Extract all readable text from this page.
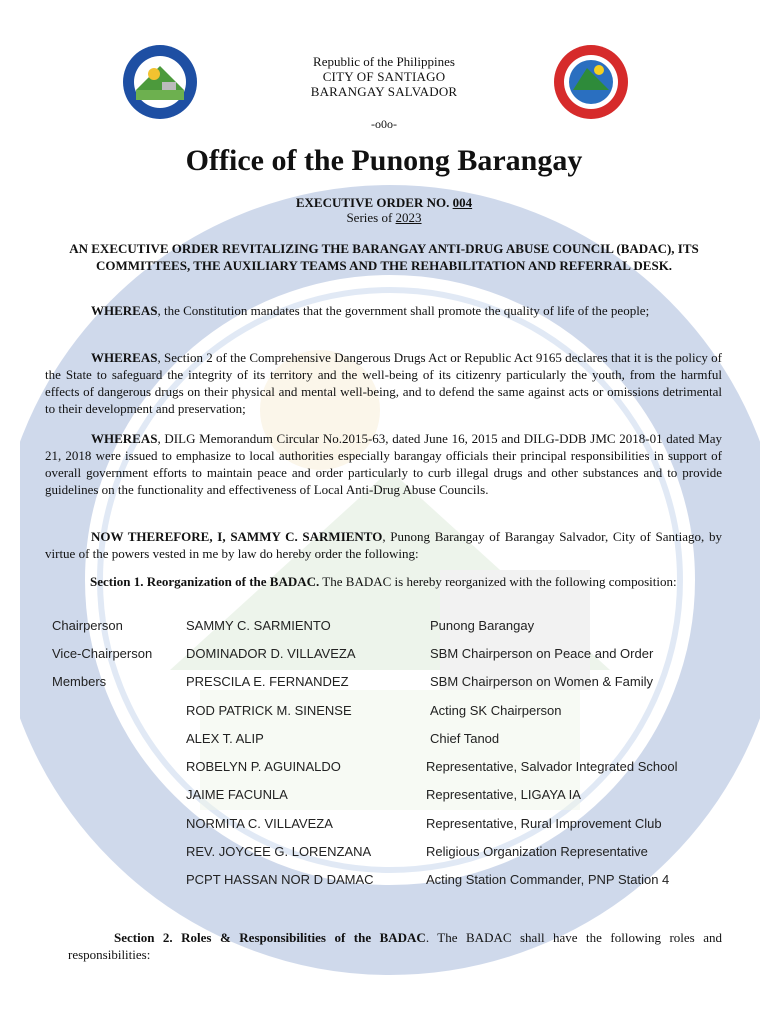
Republic of the Philippines
CITY OF SANTIAGO
BARANGAY SALVADOR
-o0o-
Office of the Punong Barangay
EXECUTIVE ORDER NO. 004
Series of 2023
AN EXECUTIVE ORDER REVITALIZING THE BARANGAY ANTI-DRUG ABUSE COUNCIL (BADAC), ITS COMMITTEES, THE AUXILIARY TEAMS AND THE REHABILITATION AND REFERRAL DESK.
WHEREAS, the Constitution mandates that the government shall promote the quality of life of the people;
WHEREAS, Section 2 of the Comprehensive Dangerous Drugs Act or Republic Act 9165 declares that it is the policy of the State to safeguard the integrity of its territory and the well-being of its citizenry particularly the youth, from the harmful effects of dangerous drugs on their physical and mental well-being, and to defend the same against acts or omissions detrimental to their development and preservation;
WHEREAS, DILG Memorandum Circular No.2015-63, dated June 16, 2015 and DILG-DDB JMC 2018-01 dated May 21, 2018 were issued to emphasize to local authorities especially barangay officials their principal responsibilities in support of overall government efforts to maintain peace and order particularly to curb illegal drugs and other substances and to provide guidelines on the functionality and effectiveness of Local Anti-Drug Abuse Councils.
NOW THEREFORE, I, SAMMY C. SARMIENTO, Punong Barangay of Barangay Salvador, City of Santiago, by virtue of the powers vested in me by law do hereby order the following:
Section 1. Reorganization of the BADAC. The BADAC is hereby reorganized with the following composition:
Chairperson	SAMMY C. SARMIENTO	Punong Barangay
Vice-Chairperson	DOMINADOR D. VILLAVEZA	SBM Chairperson on Peace and Order
Members	PRESCILA E. FERNANDEZ	SBM Chairperson on Women & Family
ROD PATRICK M. SINENSE	Acting SK Chairperson
ALEX T. ALIP	Chief Tanod
ROBELYN P. AGUINALDO	Representative, Salvador Integrated School
JAIME FACUNLA	Representative, LIGAYA IA
NORMITA C. VILLAVEZA	Representative, Rural Improvement Club
REV. JOYCEE G. LORENZANA	Religious Organization Representative
PCPT HASSAN NOR D DAMAC	Acting Station Commander, PNP Station 4
Section 2. Roles & Responsibilities of the BADAC. The BADAC shall have the following roles and responsibilities:
